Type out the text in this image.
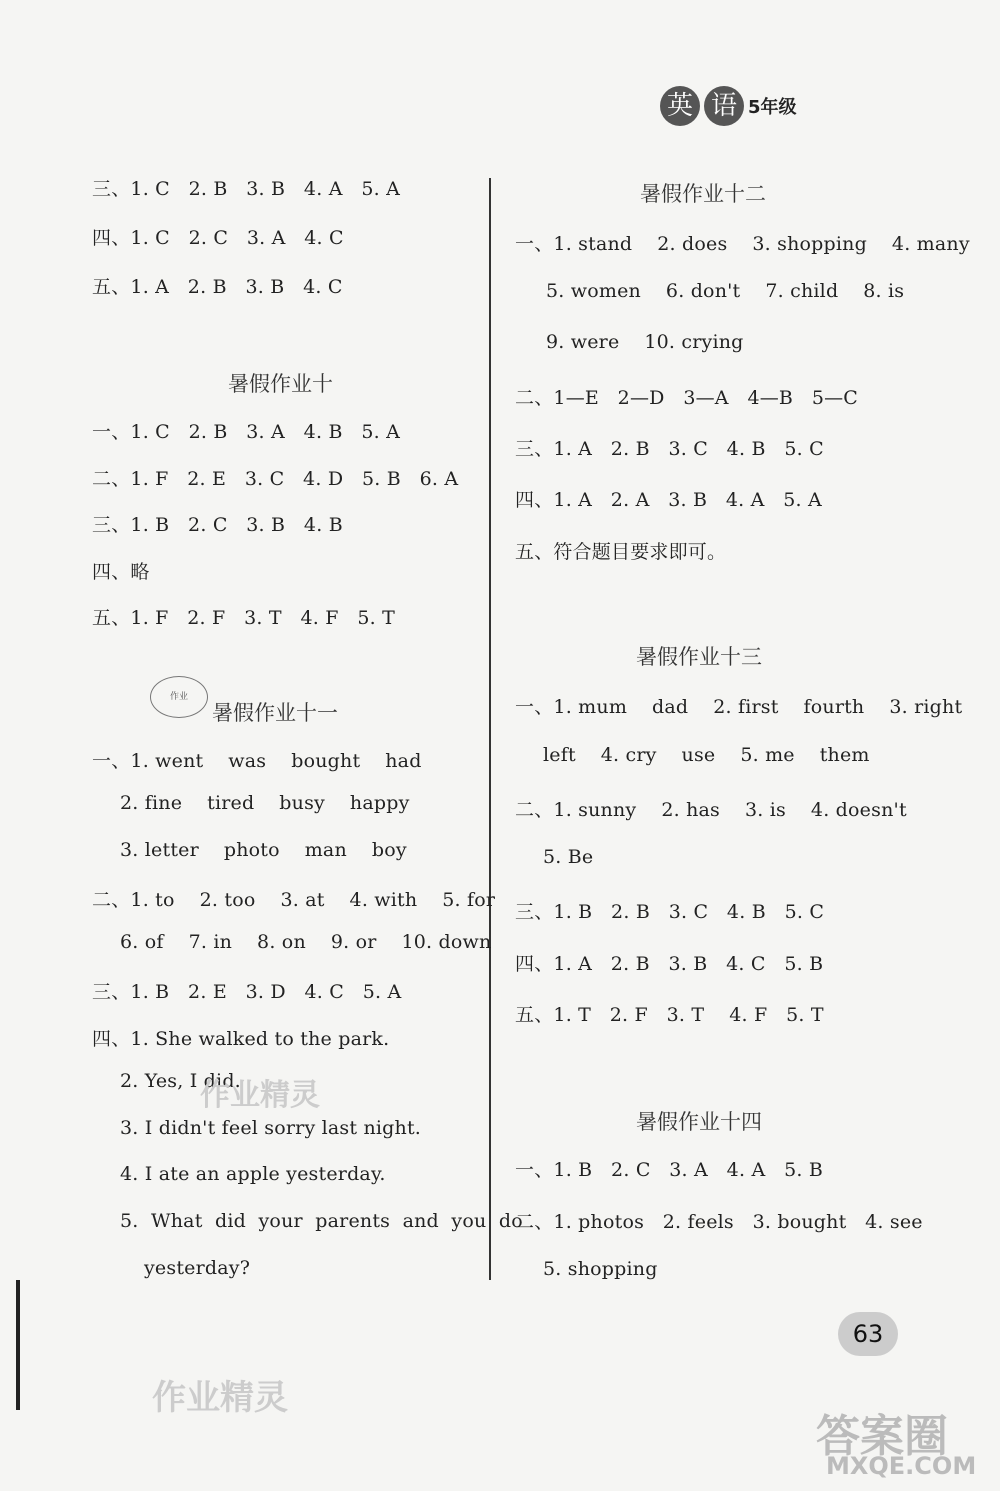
英 语 5年级
三、1. C   2. B   3. B   4. A   5. A
四、1. C   2. C   3. A   4. C
五、1. A   2. B   3. B   4. C
暑假作业十
一、1. C   2. B   3. A   4. B   5. A
二、1. F   2. E   3. C   4. D   5. B   6. A
三、1. B   2. C   3. B   4. B
四、略
五、1. F   2. F   3. T   4. F   5. T
作业
暑假作业十一
一、1. went    was    bought    had
2. fine    tired    busy    happy
3. letter    photo    man    boy
二、1. to    2. too    3. at    4. with    5. for
6. of    7. in    8. on    9. or    10. down
三、1. B   2. E   3. D   4. C   5. A
四、1. She walked to the park.
2. Yes, I did.
3. I didn't feel sorry last night.
4. I ate an apple yesterday.
5.  What  did  your  parents  and  you  do
yesterday?
暑假作业十二
一、1. stand    2. does    3. shopping    4. many
5. women    6. don't    7. child    8. is
9. were    10. crying
二、1—E   2—D   3—A   4—B   5—C
三、1. A   2. B   3. C   4. B   5. C
四、1. A   2. A   3. B   4. A   5. A
五、符合题目要求即可。
暑假作业十三
一、1. mum    dad    2. first    fourth    3. right
left    4. cry    use    5. me    them
二、1. sunny    2. has    3. is    4. doesn't
5. Be
三、1. B   2. B   3. C   4. B   5. C
四、1. A   2. B   3. B   4. C   5. B
五、1. T   2. F   3. T    4. F   5. T
暑假作业十四
一、1. B   2. C   3. A   4. A   5. B
二、1. photos   2. feels   3. bought   4. see
5. shopping
63
作业精灵
作业精灵
答案圈
MXQE.COM
